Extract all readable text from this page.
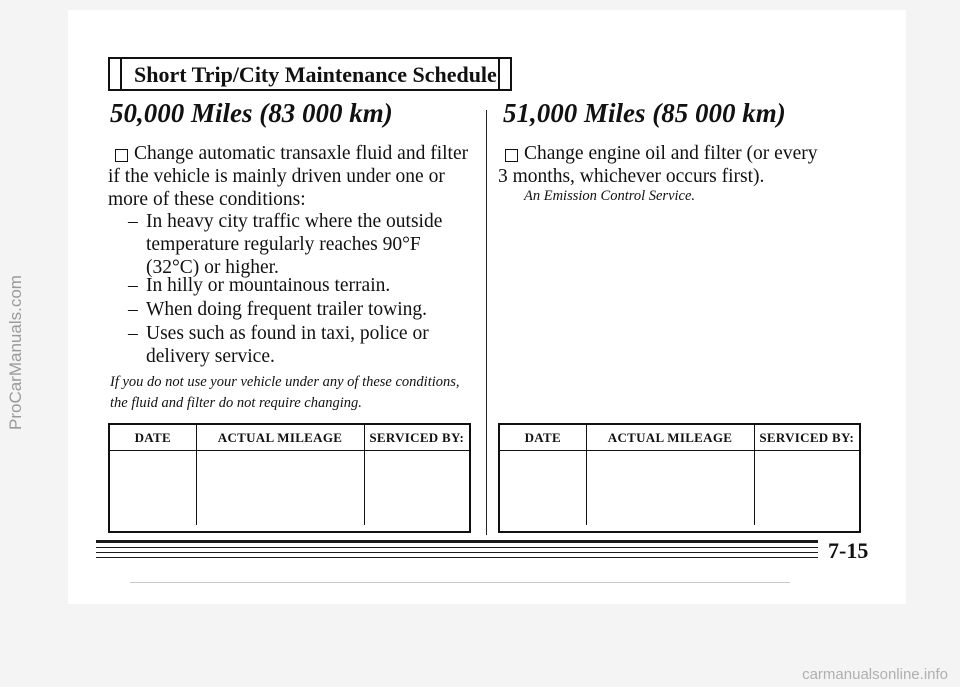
ProCarManuals.com
Short Trip/City Maintenance Schedule
50,000 Miles (83 000 km)
Change automatic transaxle fluid and filter if the vehicle is mainly driven under one or more of these conditions:
– In heavy city traffic where the outside temperature regularly reaches 90°F (32°C) or higher.
– In hilly or mountainous terrain.
– When doing frequent trailer towing.
– Uses such as found in taxi, police or delivery service.
If you do not use your vehicle under any of these conditions, the fluid and filter do not require changing.
DATE	ACTUAL MILEAGE	SERVICED BY:

51,000 Miles (85 000 km)
Change engine oil and filter (or every 3 months, whichever occurs first).
An Emission Control Service.
DATE	ACTUAL MILEAGE	SERVICED BY:

7-15
carmanualsonline.info
